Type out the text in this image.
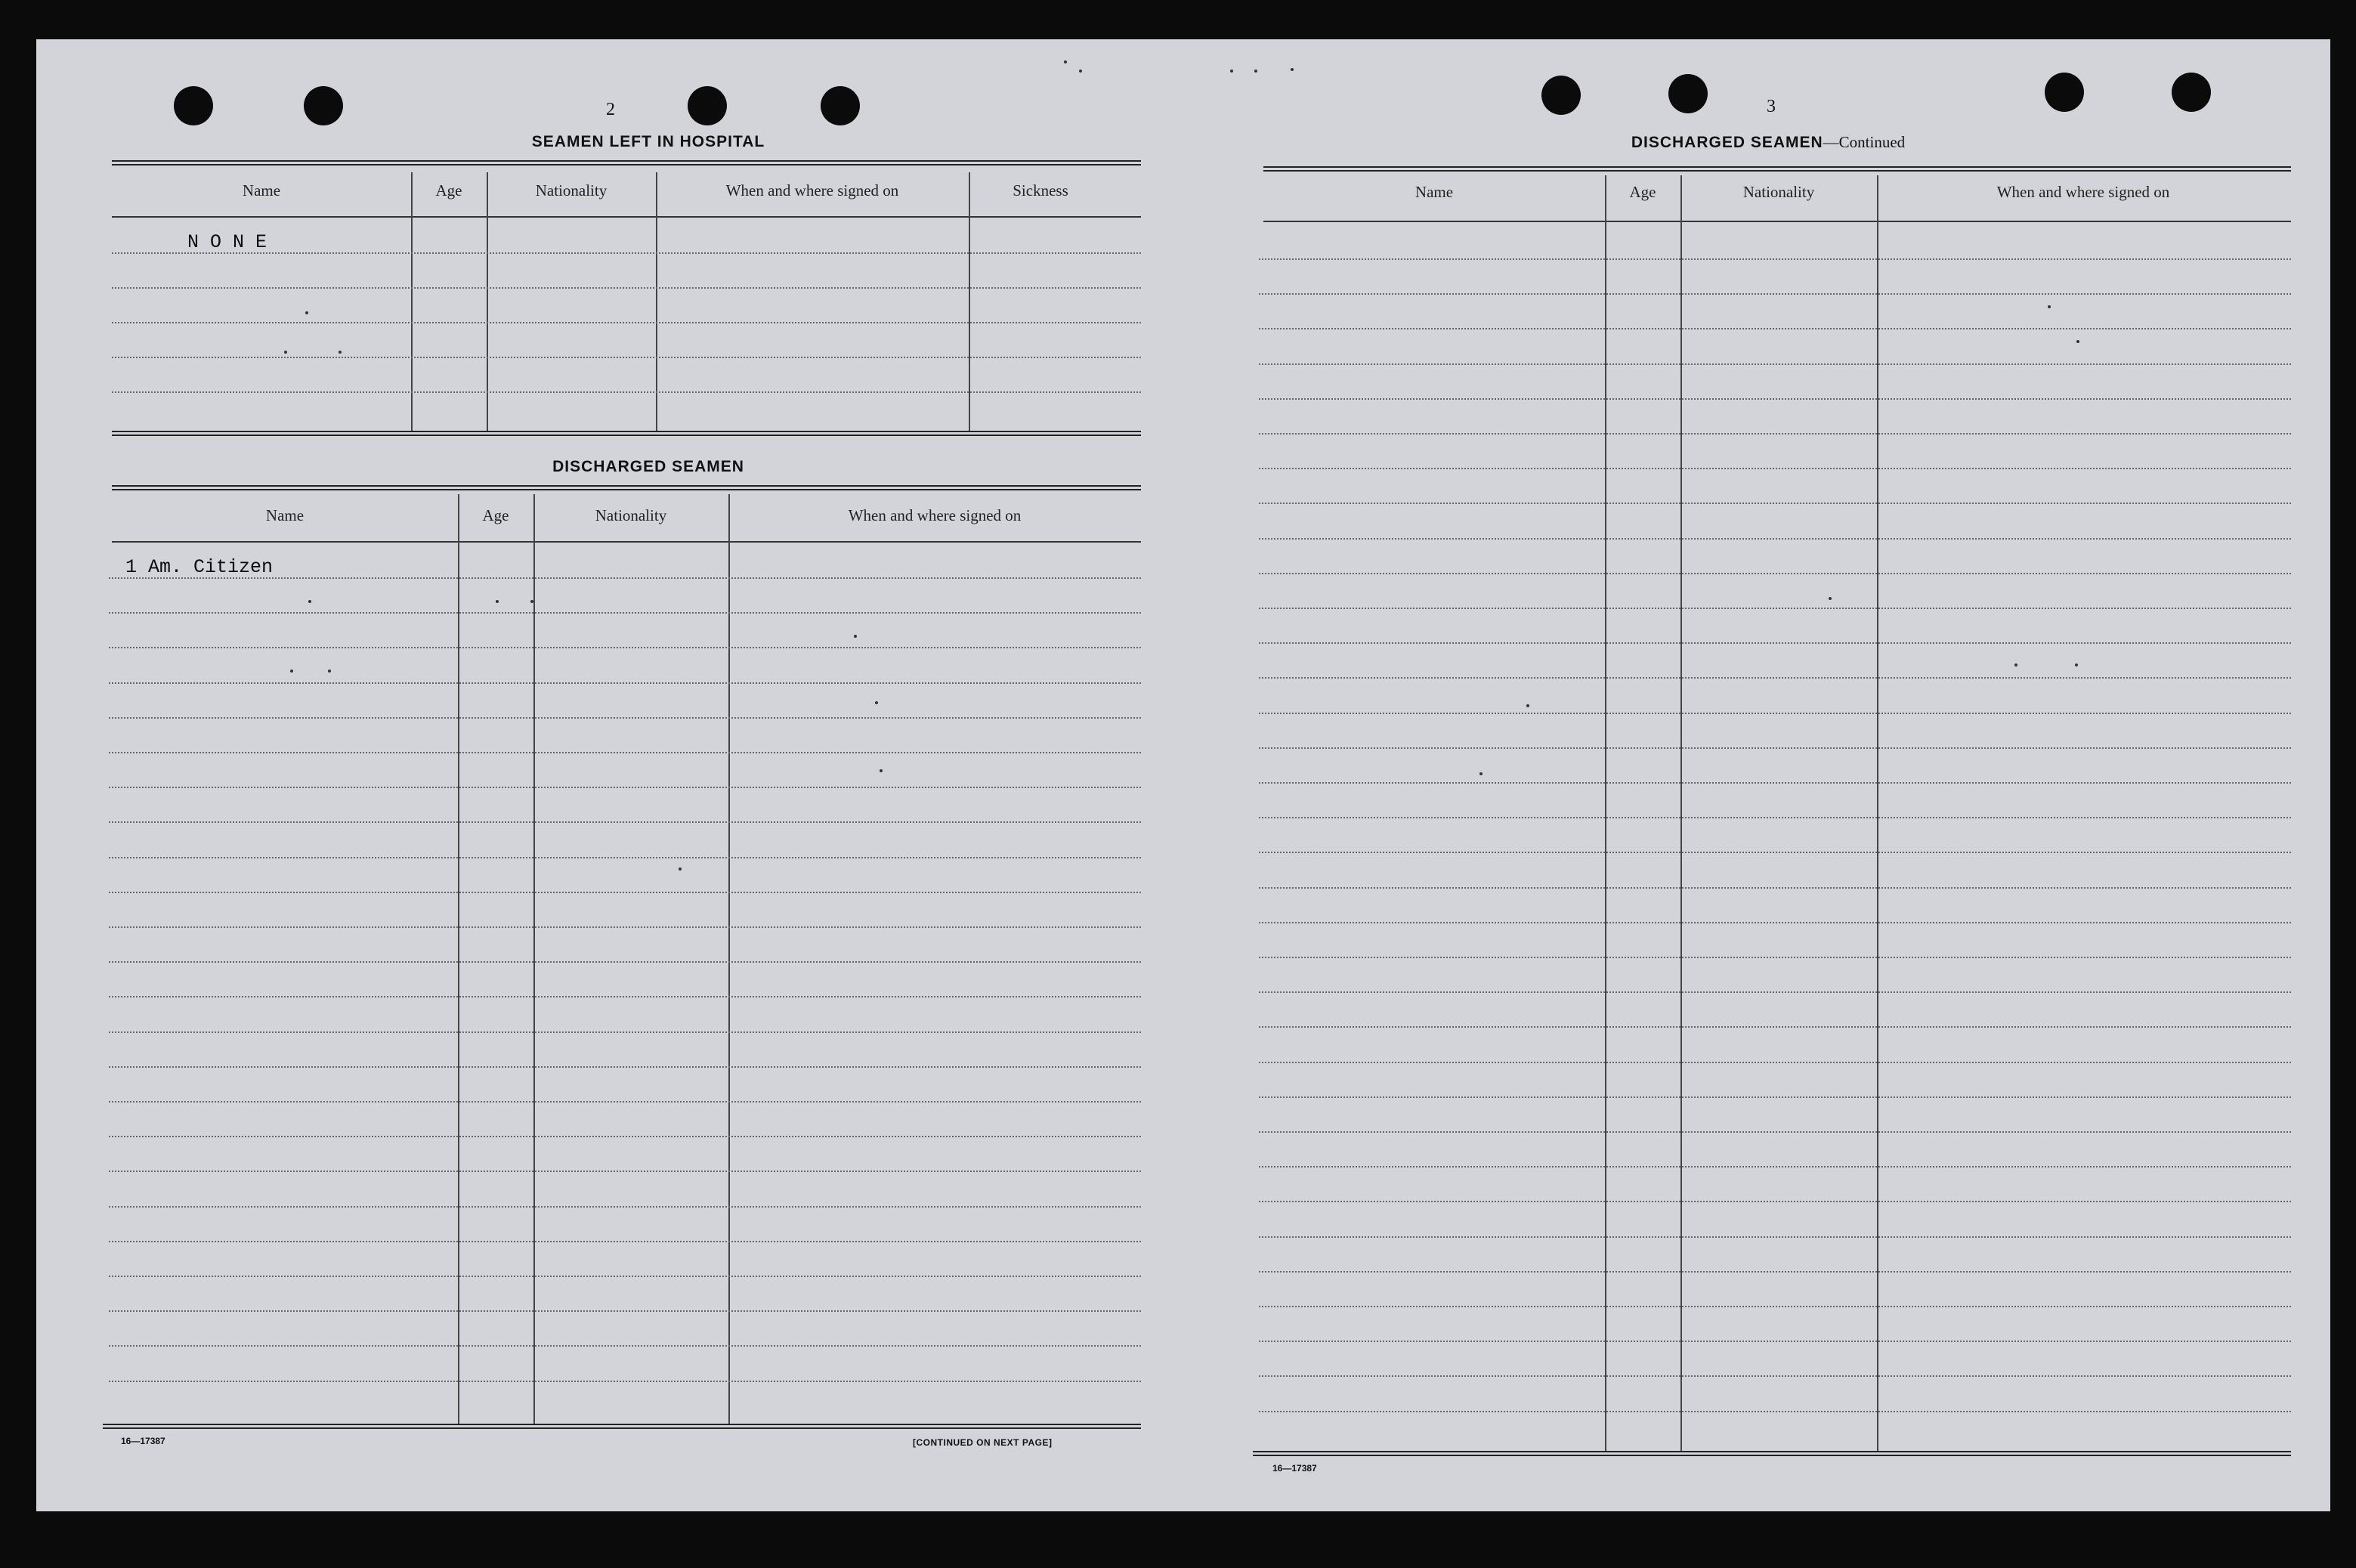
2
SEAMEN LEFT IN HOSPITAL
Name	Age	Nationality	When and where signed on	Sickness
N O N E
DISCHARGED SEAMEN
Name	Age	Nationality	When and where signed on
1 Am. Citizen
16—17387	[CONTINUED ON NEXT PAGE]
3
DISCHARGED SEAMEN—Continued
Name	Age	Nationality	When and where signed on
16—17387
